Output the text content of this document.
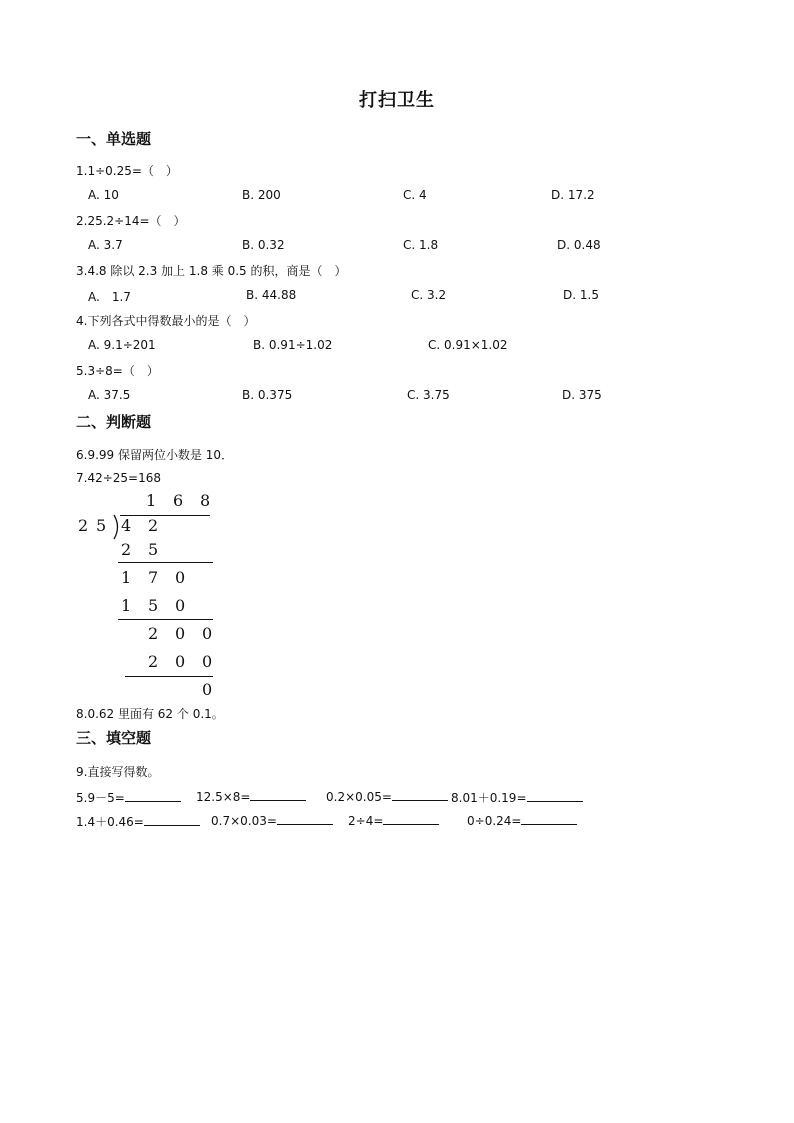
打扫卫生
一、单选题
1.1÷0.25=（　）
A. 10	B. 200	C. 4	D. 17.2
2.25.2÷14=（　）
A. 3.7	B. 0.32	C. 1.8	D. 0.48
3.4.8 除以 2.3 加上 1.8 乘 0.5 的积，商是（　）
A.　1.7	B. 44.88	C. 3.2	D. 1.5
4.下列各式中得数最小的是（　）
A. 9.1÷201	B. 0.91÷1.02	C. 0.91×1.02
5.3÷8=（　）
A. 37.5	B. 0.375	C. 3.75	D. 375
二、判断题
6.9.99 保留两位小数是 10．
7.42÷25=168
1 6 8
2 5 4 2
2 5
1 7 0
1 5 0
2 0 0
2 0 0
0
8.0.62 里面有 62 个 0.1。
三、填空题
9.直接写得数。
5.9－5=	12.5×8=	0.2×0.05=	8.01＋0.19=
1.4＋0.46=	0.7×0.03=	2÷4=	0÷0.24=
